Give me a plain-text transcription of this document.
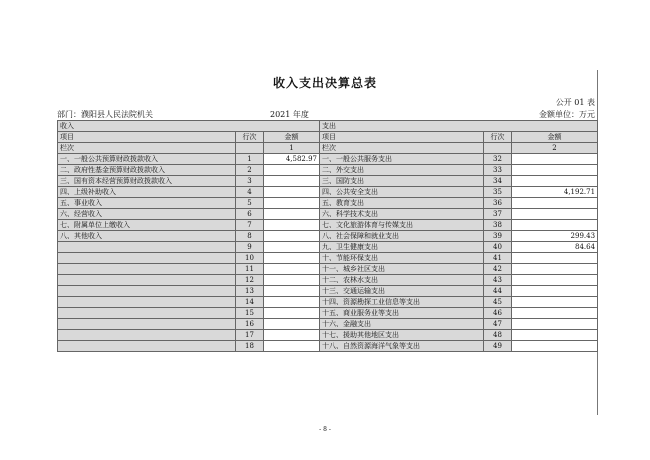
收入支出决算总表
公开 01 表
部门：濮阳县人民法院机关	2021 年度	金额单位：万元
收入			支出		
项目	行次	金额	项目	行次	金额
栏次		1	栏次		2
一、一般公共预算财政拨款收入	1	4,582.97	一、一般公共服务支出	32	
二、政府性基金预算财政拨款收入	2		二、外交支出	33	
三、国有资本经营预算财政拨款收入	3		三、国防支出	34	
四、上级补助收入	4		四、公共安全支出	35	4,192.71
五、事业收入	5		五、教育支出	36	
六、经营收入	6		六、科学技术支出	37	
七、附属单位上缴收入	7		七、文化旅游体育与传媒支出	38	
八、其他收入	8		八、社会保障和就业支出	39	299.43
	9		九、卫生健康支出	40	84.64
	10		十、节能环保支出	41	
	11		十一、城乡社区支出	42	
	12		十二、农林水支出	43	
	13		十三、交通运输支出	44	
	14		十四、资源勘探工业信息等支出	45	
	15		十五、商业服务业等支出	46	
	16		十六、金融支出	47	
	17		十七、援助其他地区支出	48	
	18		十八、自然资源海洋气象等支出	49	
- 8 -
